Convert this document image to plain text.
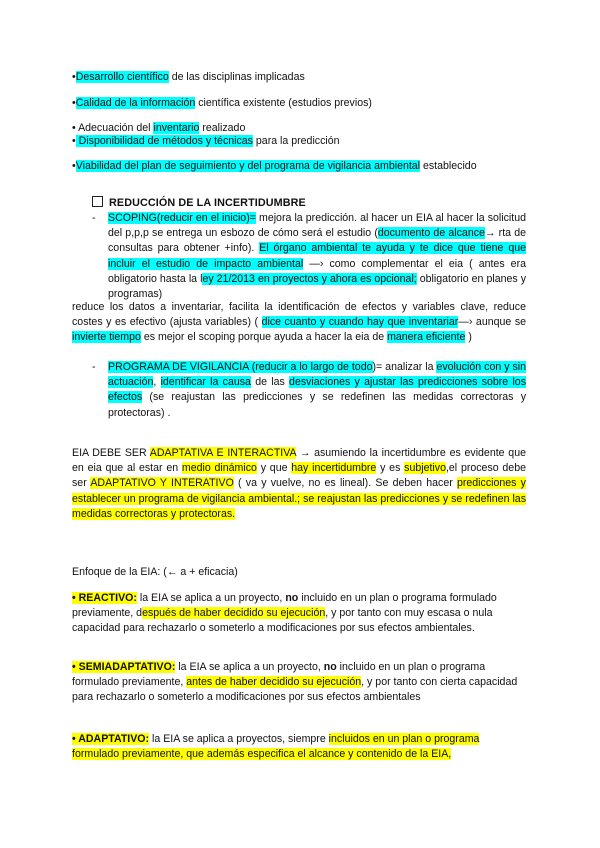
•Desarrollo científico de las disciplinas implicadas
•Calidad de la información científica existente (estudios previos)
• Adecuación del inventario realizado
• Disponibilidad de métodos y técnicas para la predicción
•Viabilidad del plan de seguimiento y del programa de vigilancia ambiental establecido
REDUCCIÓN DE LA INCERTIDUMBRE
- SCOPING(reducir en el inicio)= mejora la predicción. al hacer un EIA al hacer la solicitud del p,p,p se entrega un esbozo de cómo será el estudio (documento de alcance→ rta de consultas para obtener +info). El órgano ambiental te ayuda y te dice que tiene que incluir el estudio de impacto ambiental —› como complementar el eia ( antes era obligatorio hasta la ley 21/2013 en proyectos y ahora es opcional; obligatorio en planes y programas)
reduce los datos a inventariar, facilita la identificación de efectos y variables clave, reduce costes y es efectivo (ajusta variables) ( dice cuanto y cuando hay que inventariar—› aunque se invierte tiempo es mejor el scoping porque ayuda a hacer la eia de manera eficiente )
- PROGRAMA DE VIGILANCIA (reducir a lo largo de todo)= analizar la evolución con y sin actuación, identificar la causa de las desviaciones y ajustar las predicciones sobre los efectos (se reajustan las predicciones y se redefinen las medidas correctoras y protectoras) .
EIA DEBE SER ADAPTATIVA E INTERACTIVA → asumiendo la incertidumbre es evidente que en eia que al estar en medio dinámico y que hay incertidumbre y es subjetivo,el proceso debe ser ADAPTATIVO Y INTERATIVO ( va y vuelve, no es lineal). Se deben hacer predicciones y establecer un programa de vigilancia ambiental.; se reajustan las predicciones y se redefinen las medidas correctoras y protectoras.
Enfoque de la EIA: (← a + eficacia)
• REACTIVO: la EIA se aplica a un proyecto, no incluido en un plan o programa formulado previamente, después de haber decidido su ejecución, y por tanto con muy escasa o nula capacidad para rechazarlo o someterlo a modificaciones por sus efectos ambientales.
• SEMIADAPTATIVO: la EIA se aplica a un proyecto, no incluido en un plan o programa formulado previamente, antes de haber decidido su ejecución, y por tanto con cierta capacidad para rechazarlo o someterlo a modificaciones por sus efectos ambientales
• ADAPTATIVO: la EIA se aplica a proyectos, siempre incluidos en un plan o programa formulado previamente, que además especifica el alcance y contenido de la EIA,
